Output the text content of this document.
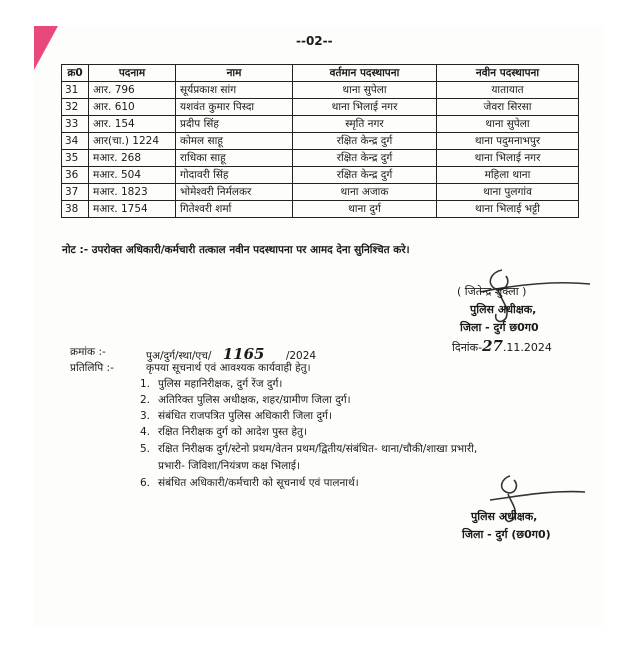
--02--
क्र0	पदनाम	नाम	वर्तमान पदस्थापना	नवीन पदस्थापना
31	आर. 796	सूर्यप्रकाश सांग	थाना सुपेला	यातायात
32	आर. 610	यशवंत कुमार पिस्दा	थाना भिलाई नगर	जेवरा सिरसा
33	आर. 154	प्रदीप सिंह	स्मृति नगर	थाना सुपेला
34	आर(चा.) 1224	कोमल साहू	रक्षित केन्द्र दुर्ग	थाना पदुमनाभपुर
35	मआर. 268	राधिका साहू	रक्षित केन्द्र दुर्ग	थाना भिलाई नगर
36	मआर. 504	गोदावरी सिंह	रक्षित केन्द्र दुर्ग	महिला थाना
37	मआर. 1823	भोमेश्वरी निर्मलकर	थाना अजाक	थाना पुलगांव
38	मआर. 1754	गितेश्वरी शर्मा	थाना दुर्ग	थाना भिलाई भट्टी
नोट :- उपरोक्त अधिकारी/कर्मचारी तत्काल नवीन पदस्थापना पर आमद देना सुनिश्चित करे।
( जितेन्द्र शुक्ला )
पुलिस अधीक्षक,
जिला - दुर्ग छ0ग0
दिनांक-27.11.2024
क्रमांक :-	पुअ/दुर्ग/स्था/एच/ 1165 /2024
प्रतिलिपि :-	कृपया सूचनार्थ एवं आवश्यक कार्यवाही हेतु।
1. पुलिस महानिरीक्षक, दुर्ग रेंज दुर्ग।
2. अतिरिक्त पुलिस अधीक्षक, शहर/ग्रामीण जिला दुर्ग।
3. संबंधित राजपत्रित पुलिस अधिकारी जिला दुर्ग।
4. रक्षित निरीक्षक दुर्ग को आदेश पुस्त हेतु।
5. रक्षित निरीक्षक दुर्ग/स्टेनो प्रथम/वेतन प्रथम/द्वितीय/संबंधित- थाना/चौकी/शाखा प्रभारी,
प्रभारी- जिविशा/नियंत्रण कक्ष भिलाई।
6. संबंधित अधिकारी/कर्मचारी को सूचनार्थ एवं पालनार्थ।
पुलिस अधीक्षक,
जिला - दुर्ग (छ0ग0)
